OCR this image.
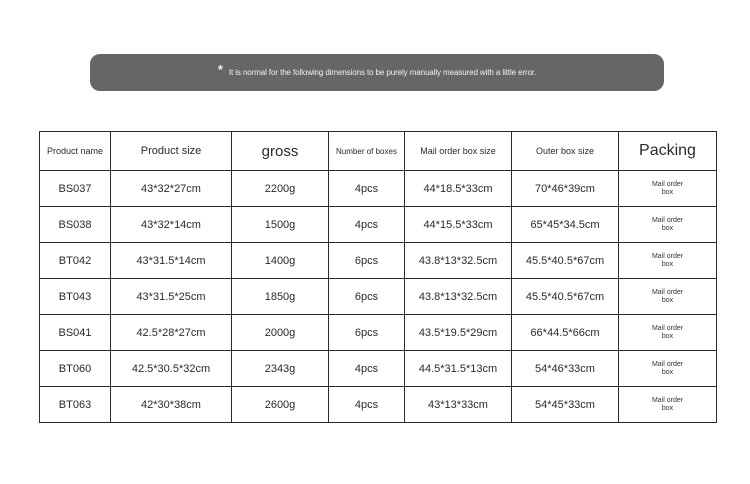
* It is normal for the following dimensions to be purely manually measured with a little error.
Product name	Product size	gross	Number of boxes	Mail order box size	Outer box size	Packing
BS037	43*32*27cm	2200g	4pcs	44*18.5*33cm	70*46*39cm	Mail order box
BS038	43*32*14cm	1500g	4pcs	44*15.5*33cm	65*45*34.5cm	Mail order box
BT042	43*31.5*14cm	1400g	6pcs	43.8*13*32.5cm	45.5*40.5*67cm	Mail order box
BT043	43*31.5*25cm	1850g	6pcs	43.8*13*32.5cm	45.5*40.5*67cm	Mail order box
BS041	42.5*28*27cm	2000g	6pcs	43.5*19.5*29cm	66*44.5*66cm	Mail order box
BT060	42.5*30.5*32cm	2343g	4pcs	44.5*31.5*13cm	54*46*33cm	Mail order box
BT063	42*30*38cm	2600g	4pcs	43*13*33cm	54*45*33cm	Mail order box
